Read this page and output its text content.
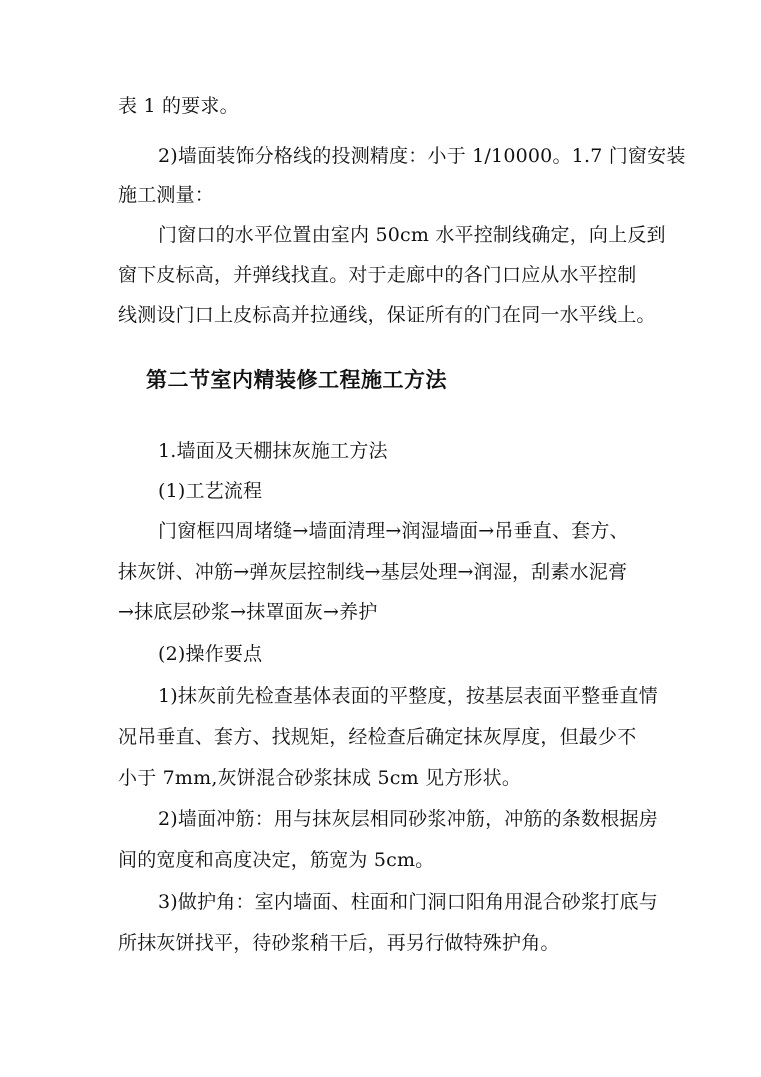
表 1 的要求。
2)墙面装饰分格线的投测精度：小于 1/10000。1.7 门窗安装
施工测量：
门窗口的水平位置由室内 50cm 水平控制线确定，向上反到
窗下皮标高，并弹线找直。对于走廊中的各门口应从水平控制
线测设门口上皮标高并拉通线，保证所有的门在同一水平线上。
第二节室内精装修工程施工方法
1.墙面及天棚抹灰施工方法
(1)工艺流程
门窗框四周堵缝→墙面清理→润湿墙面→吊垂直、套方、
抹灰饼、冲筋→弹灰层控制线→基层处理→润湿，刮素水泥膏
→抹底层砂浆→抹罩面灰→养护
(2)操作要点
1)抹灰前先检查基体表面的平整度，按基层表面平整垂直情
况吊垂直、套方、找规矩，经检查后确定抹灰厚度，但最少不
小于 7mm,灰饼混合砂浆抹成 5cm 见方形状。
2)墙面冲筋：用与抹灰层相同砂浆冲筋，冲筋的条数根据房
间的宽度和高度决定，筋宽为 5cm。
3)做护角：室内墙面、柱面和门洞口阳角用混合砂浆打底与
所抹灰饼找平，待砂浆稍干后，再另行做特殊护角。
